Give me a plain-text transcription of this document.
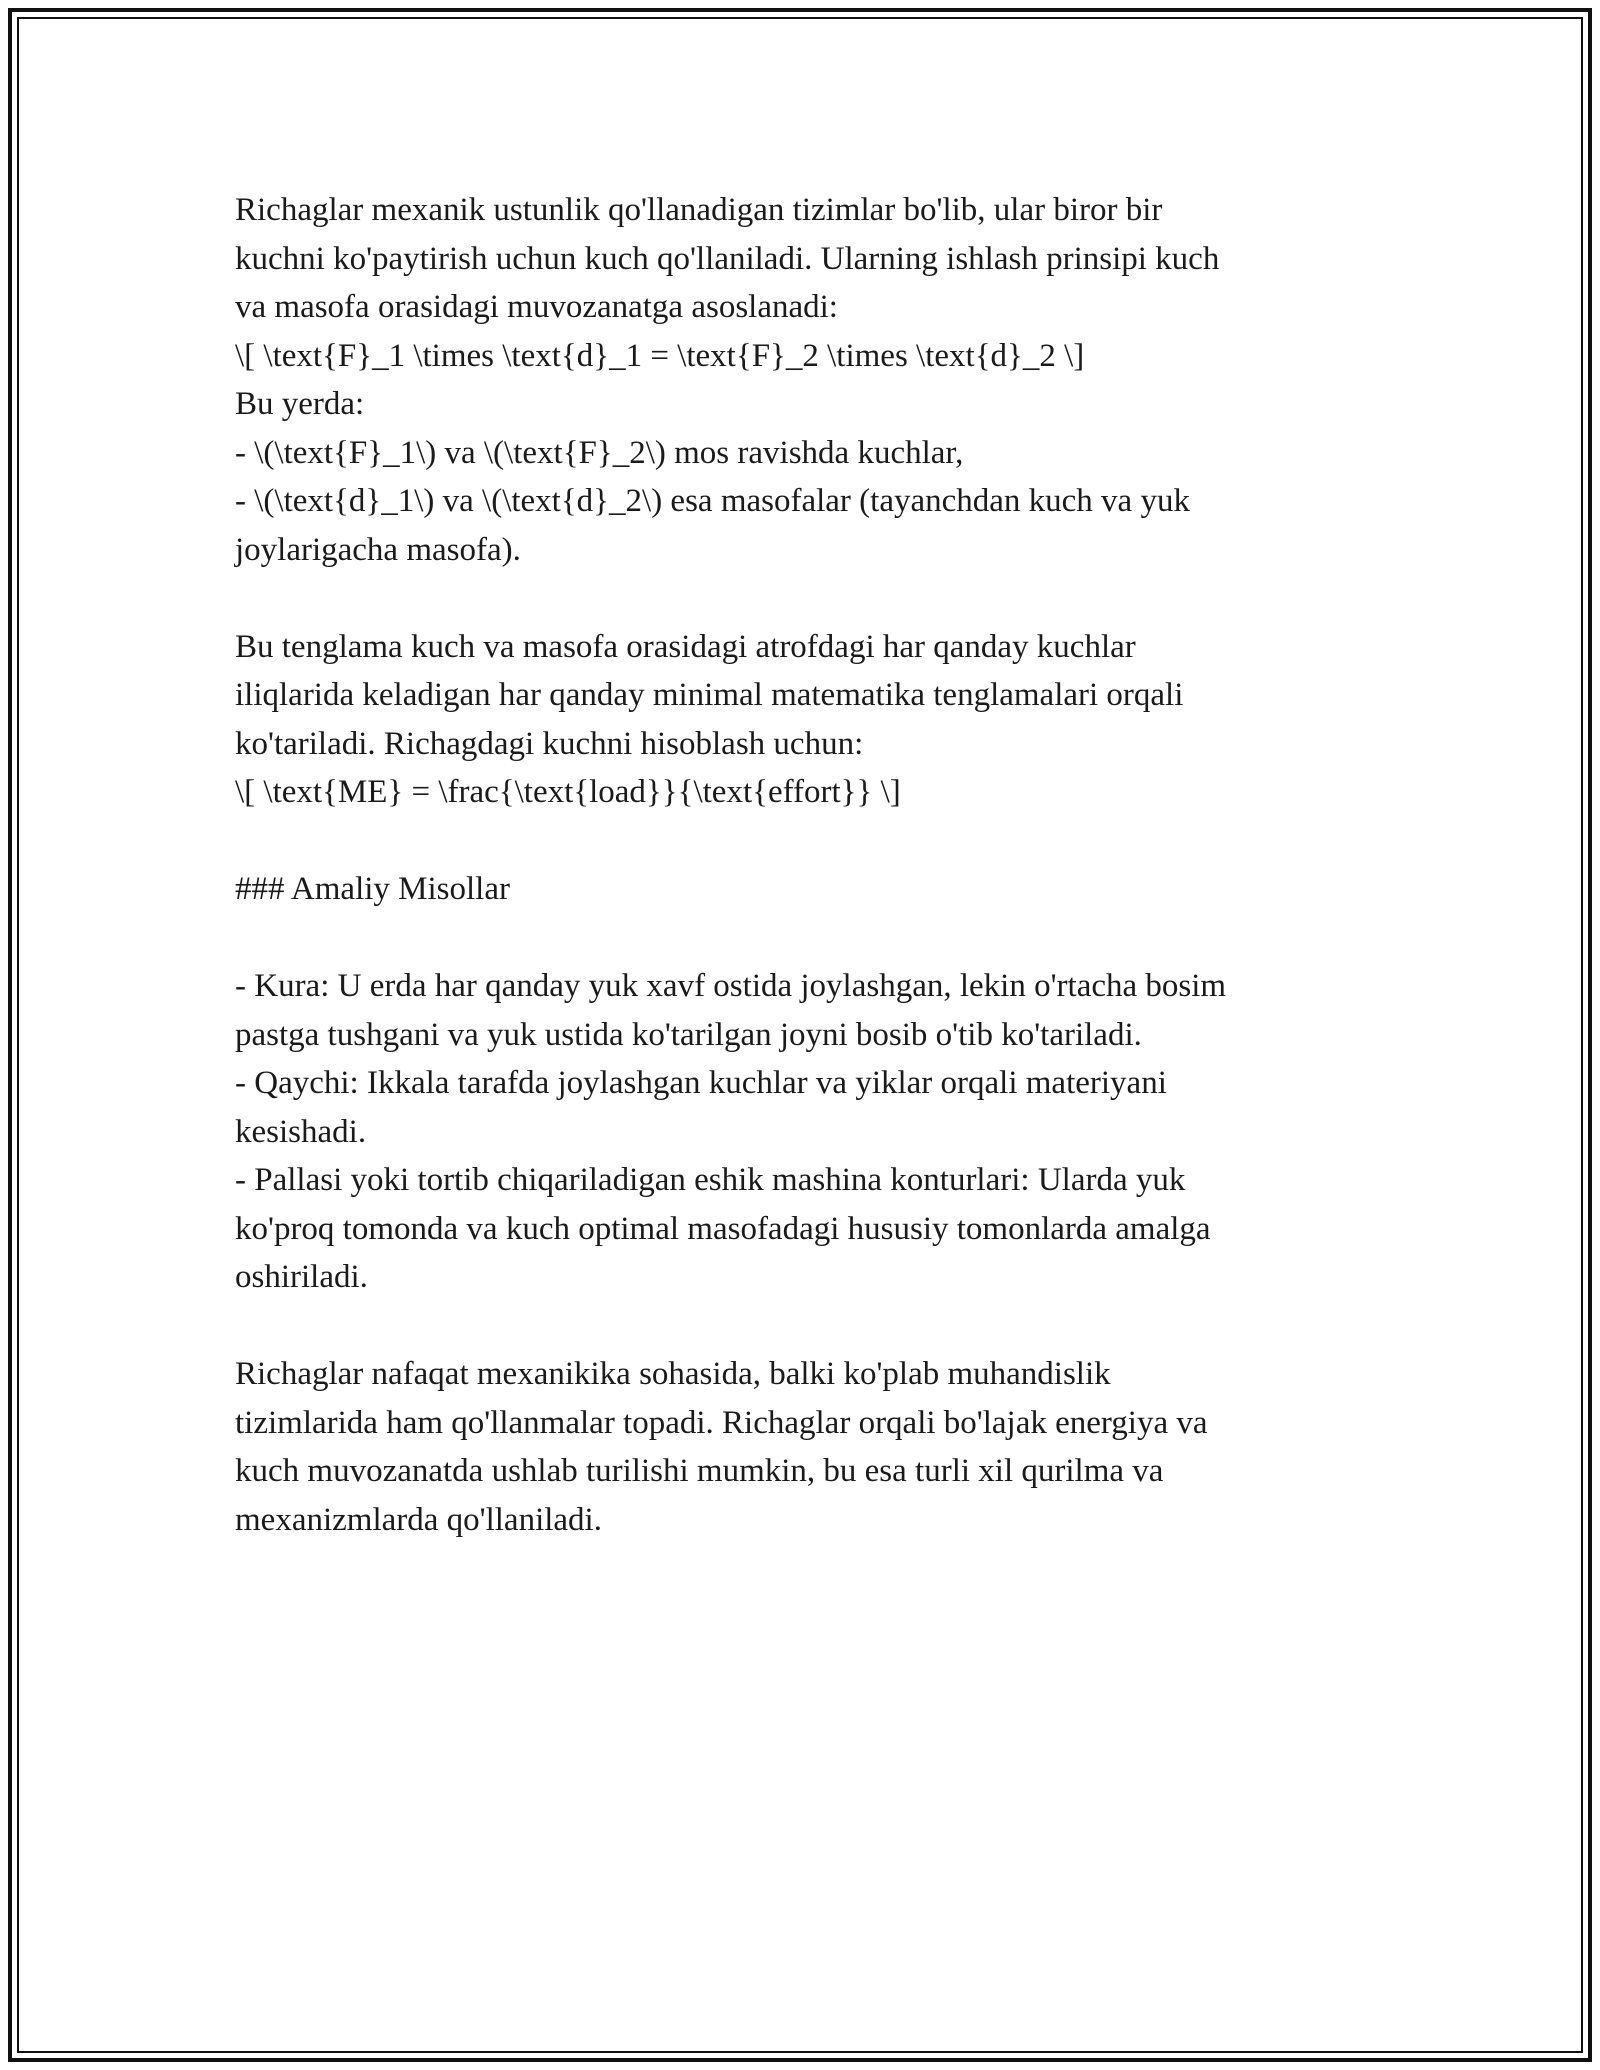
Richaglar mexanik ustunlik qo'llanadigan tizimlar bo'lib, ular biror bir
kuchni ko'paytirish uchun kuch qo'llaniladi. Ularning ishlash prinsipi kuch
va masofa orasidagi muvozanatga asoslanadi:
\[ \text{F}_1 \times \text{d}_1 = \text{F}_2 \times \text{d}_2 \]
Bu yerda:
- \(\text{F}_1\) va \(\text{F}_2\) mos ravishda kuchlar,
- \(\text{d}_1\) va \(\text{d}_2\) esa masofalar (tayanchdan kuch va yuk
joylarigacha masofa).
Bu tenglama kuch va masofa orasidagi atrofdagi har qanday kuchlar
iliqlarida keladigan har qanday minimal matematika tenglamalari orqali
ko'tariladi. Richagdagi kuchni hisoblash uchun:
\[ \text{ME} = \frac{\text{load}}{\text{effort}} \]
### Amaliy Misollar
- Kura: U erda har qanday yuk xavf ostida joylashgan, lekin o'rtacha bosim
pastga tushgani va yuk ustida ko'tarilgan joyni bosib o'tib ko'tariladi.
- Qaychi: Ikkala tarafda joylashgan kuchlar va yiklar orqali materiyani
kesishadi.
- Pallasi yoki tortib chiqariladigan eshik mashina konturlari: Ularda yuk
ko'proq tomonda va kuch optimal masofadagi hususiy tomonlarda amalga
oshiriladi.
Richaglar nafaqat mexanikika sohasida, balki ko'plab muhandislik
tizimlarida ham qo'llanmalar topadi. Richaglar orqali bo'lajak energiya va
kuch muvozanatda ushlab turilishi mumkin, bu esa turli xil qurilma va
mexanizmlarda qo'llaniladi.
